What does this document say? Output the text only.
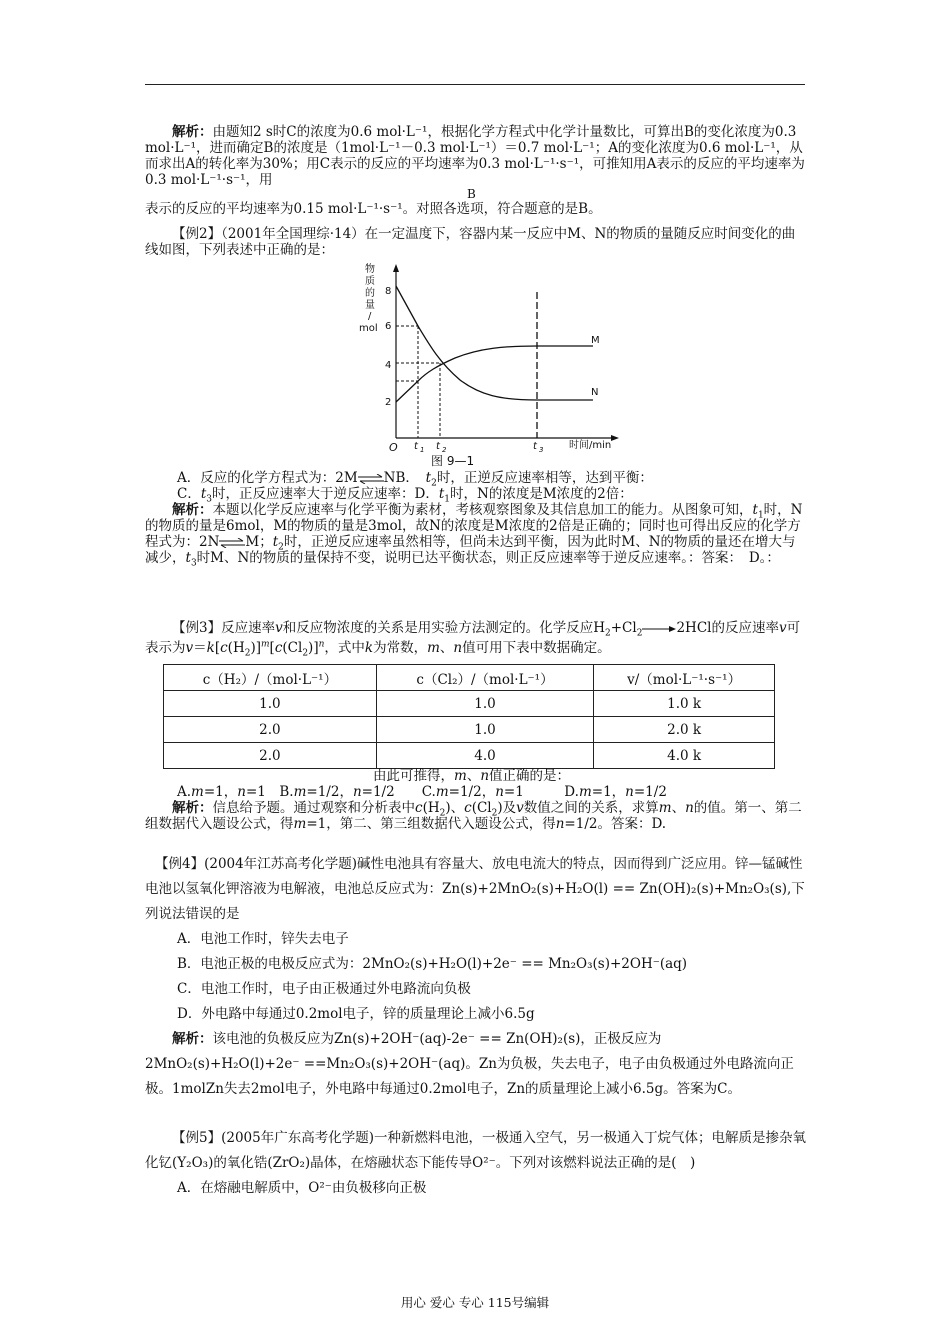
解析：由题知2 s时C的浓度为0.6 mol·L⁻¹，根据化学方程式中化学计量数比，可算出B的变化浓度为0.3 mol·L⁻¹，进而确定B的浓度是（1mol·L⁻¹－0.3 mol·L⁻¹）＝0.7 mol·L⁻¹；A的变化浓度为0.6 mol·L⁻¹，从而求出A的转化率为30%；用C表示的反应的平均速率为0.3 mol·L⁻¹·s⁻¹，可推知用A表示的反应的平均速率为0.3 mol·L⁻¹·s⁻¹，用

B

表示的反应的平均速率为0.15 mol·L⁻¹·s⁻¹。对照各选项，符合题意的是B。

【例2】（2001年全国理综·14）在一定温度下，容器内某一反应中M、N的物质的量随反应时间变化的曲线如图，下列表述中正确的是：

物
质
的
量
/
mol
8
6
4
2
O
M
N
t 1 t 2	t 3	时间/min
图 9—1

A．反应的化学方程式为：2M⇌NB．　 $t_2$时，正逆反应速率相等，达到平衡：

C．$t_3$时，正反应速率大于逆反应速率：D．$t_1$时，N的浓度是M浓度的2倍：

解析：本题以化学反应速率与化学平衡为素材，考核观察图象及其信息加工的能力。从图象可知，$t_1$时，N的物质的量是6mol，M的物质的量是3mol，故N的浓度是M浓度的2倍是正确的；同时也可得出反应的化学方程式为：2N⇌M；$t_2$时，正逆反应速率虽然相等，但尚未达到平衡，因为此时M、N的物质的量还在增大与减少，$t_3$时M、N的物质的量保持不变，说明已达平衡状态，则正反应速率等于逆反应速率。：答案：　 D。：

【例3】反应速率v和反应物浓度的关系是用实验方法测定的。化学反应$H_2+Cl_2 \to 2HCl$的反应速率v可表示为$v=k[c(H_2)]^m[c(Cl_2)]^n$，式中k为常数，m、n值可用下表中数据确定。

c（H₂）/（mol·L⁻¹）	c（Cl₂）/（mol·L⁻¹）	v/（mol·L⁻¹·s⁻¹）
1.0	1.0	1.0 k
2.0	1.0	2.0 k
2.0	4.0	4.0 k

由此可推得，m、n值正确的是：

A.m=1，n=1　B.m=1/2，n=1/2　　C.m=1/2，n=1　　　D.m=1，n=1/2

解析：信息给予题。通过观察和分析表中$c(H_2)$、$c(Cl_2)$及v数值之间的关系，求算m、n的值。第一、第二组数据代入题设公式，得m=1，第二、第三组数据代入题设公式，得n=1/2。答案：D.

【例4】(2004年江苏高考化学题)碱性电池具有容量大、放电电流大的特点，因而得到广泛应用。锌—锰碱性电池以氢氧化钾溶液为电解液，电池总反应式为：Zn(s)+2MnO₂(s)+H₂O(l) == Zn(OH)₂(s)+Mn₂O₃(s),下列说法错误的是

A．电池工作时，锌失去电子

B．电池正极的电极反应式为：2MnO₂(s)+H₂O(l)+2e⁻ == Mn₂O₃(s)+2OH⁻(aq)

C．电池工作时，电子由正极通过外电路流向负极

D．外电路中每通过0.2mol电子，锌的质量理论上减小6.5g

解析：该电池的负极反应为Zn(s)+2OH⁻(aq)-2e⁻ == Zn(OH)₂(s)，正极反应为2MnO₂(s)+H₂O(l)+2e⁻ ==Mn₂O₃(s)+2OH⁻(aq)。Zn为负极，失去电子，电子由负极通过外电路流向正极。1molZn失去2mol电子，外电路中每通过0.2mol电子，Zn的质量理论上减小6.5g。答案为C。

【例5】(2005年广东高考化学题)一种新燃料电池，一极通入空气，另一极通入丁烷气体；电解质是掺杂氧化钇(Y₂O₃)的氧化锆(ZrO₂)晶体，在熔融状态下能传导O²⁻。下列对该燃料说法正确的是(　)

A．在熔融电解质中，O²⁻由负极移向正极

用心 爱心 专心 115号编辑
